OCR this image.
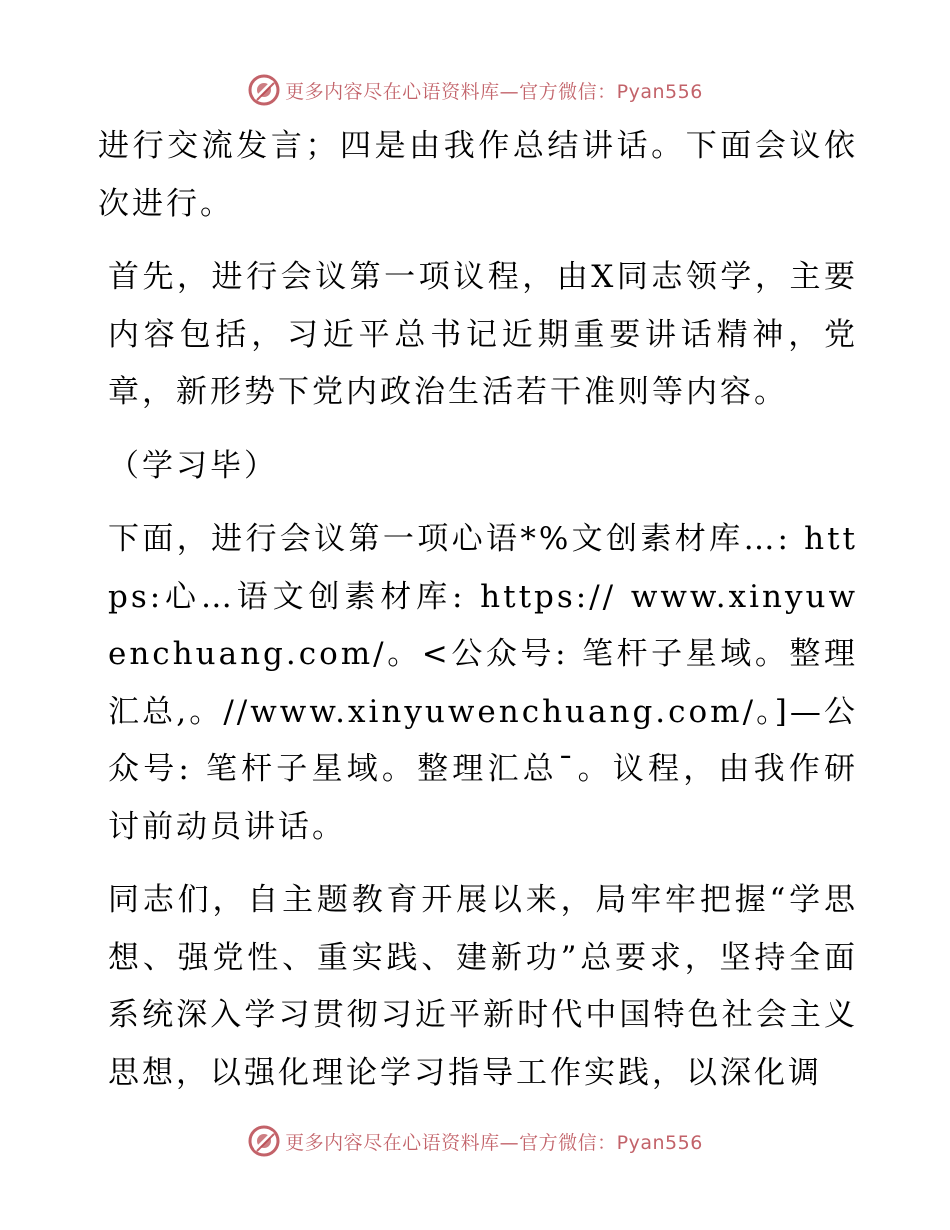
更多内容尽在心语资料库—官方微信：Pyan556

进行交流发言；四是由我作总结讲话。下面会议依次进行。

首先，进行会议第一项议程，由X同志领学，主要内容包括，习近平总书记近期重要讲话精神，党章，新形势下党内政治生活若干准则等内容。

（学习毕）

下面，进行会议第一项心语*%文创素材库…: https:心…语文创素材库: https:// www.xinyuwenchuang.com/。<公众号: 笔杆子星域。整理汇总,。//www.xinyuwenchuang.com/。]—公众号: 笔杆子星域。整理汇总¯。议程，由我作研讨前动员讲话。

同志们，自主题教育开展以来，局牢牢把握“学思想、强党性、重实践、建新功”总要求，坚持全面系统深入学习贯彻习近平新时代中国特色社会主义思想，以强化理论学习指导工作实践，以深化调

更多内容尽在心语资料库—官方微信：Pyan556
